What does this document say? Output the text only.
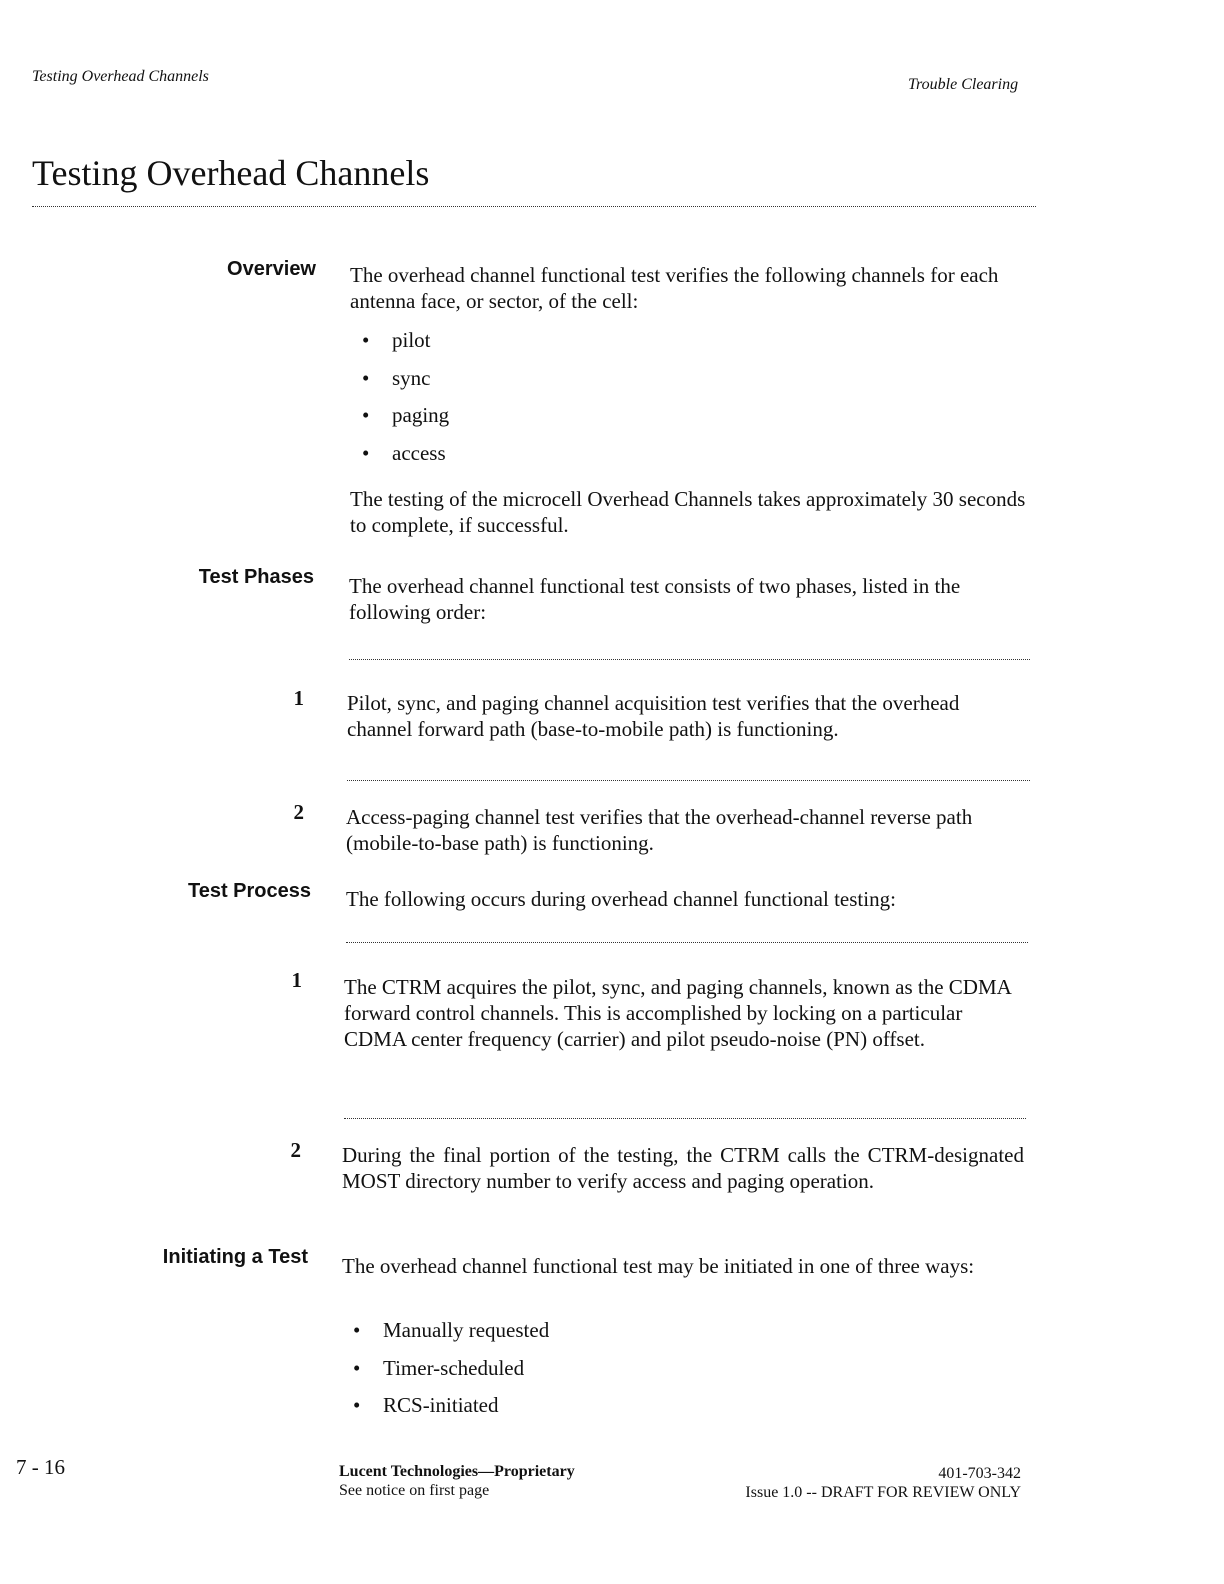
Testing Overhead Channels	Trouble Clearing
Testing Overhead Channels
Overview The overhead channel functional test verifies the following channels for each antenna face, or sector, of the cell:
• pilot
• sync
• paging
• access
The testing of the microcell Overhead Channels takes approximately 30 seconds to complete, if successful.
Test Phases The overhead channel functional test consists of two phases, listed in the following order:
1 Pilot, sync, and paging channel acquisition test verifies that the overhead channel forward path (base-to-mobile path) is functioning.
2 Access-paging channel test verifies that the overhead-channel reverse path (mobile-to-base path) is functioning.
Test Process The following occurs during overhead channel functional testing:
1 The CTRM acquires the pilot, sync, and paging channels, known as the CDMA forward control channels. This is accomplished by locking on a particular CDMA center frequency (carrier) and pilot pseudo-noise (PN) offset.
2 During the final portion of the testing, the CTRM calls the CTRM-designated MOST directory number to verify access and paging operation.
Initiating a Test The overhead channel functional test may be initiated in one of three ways:
• Manually requested
• Timer-scheduled
• RCS-initiated
7 - 16	Lucent Technologies—Proprietary
See notice on first page
401-703-342
Issue 1.0 -- DRAFT FOR REVIEW ONLY
